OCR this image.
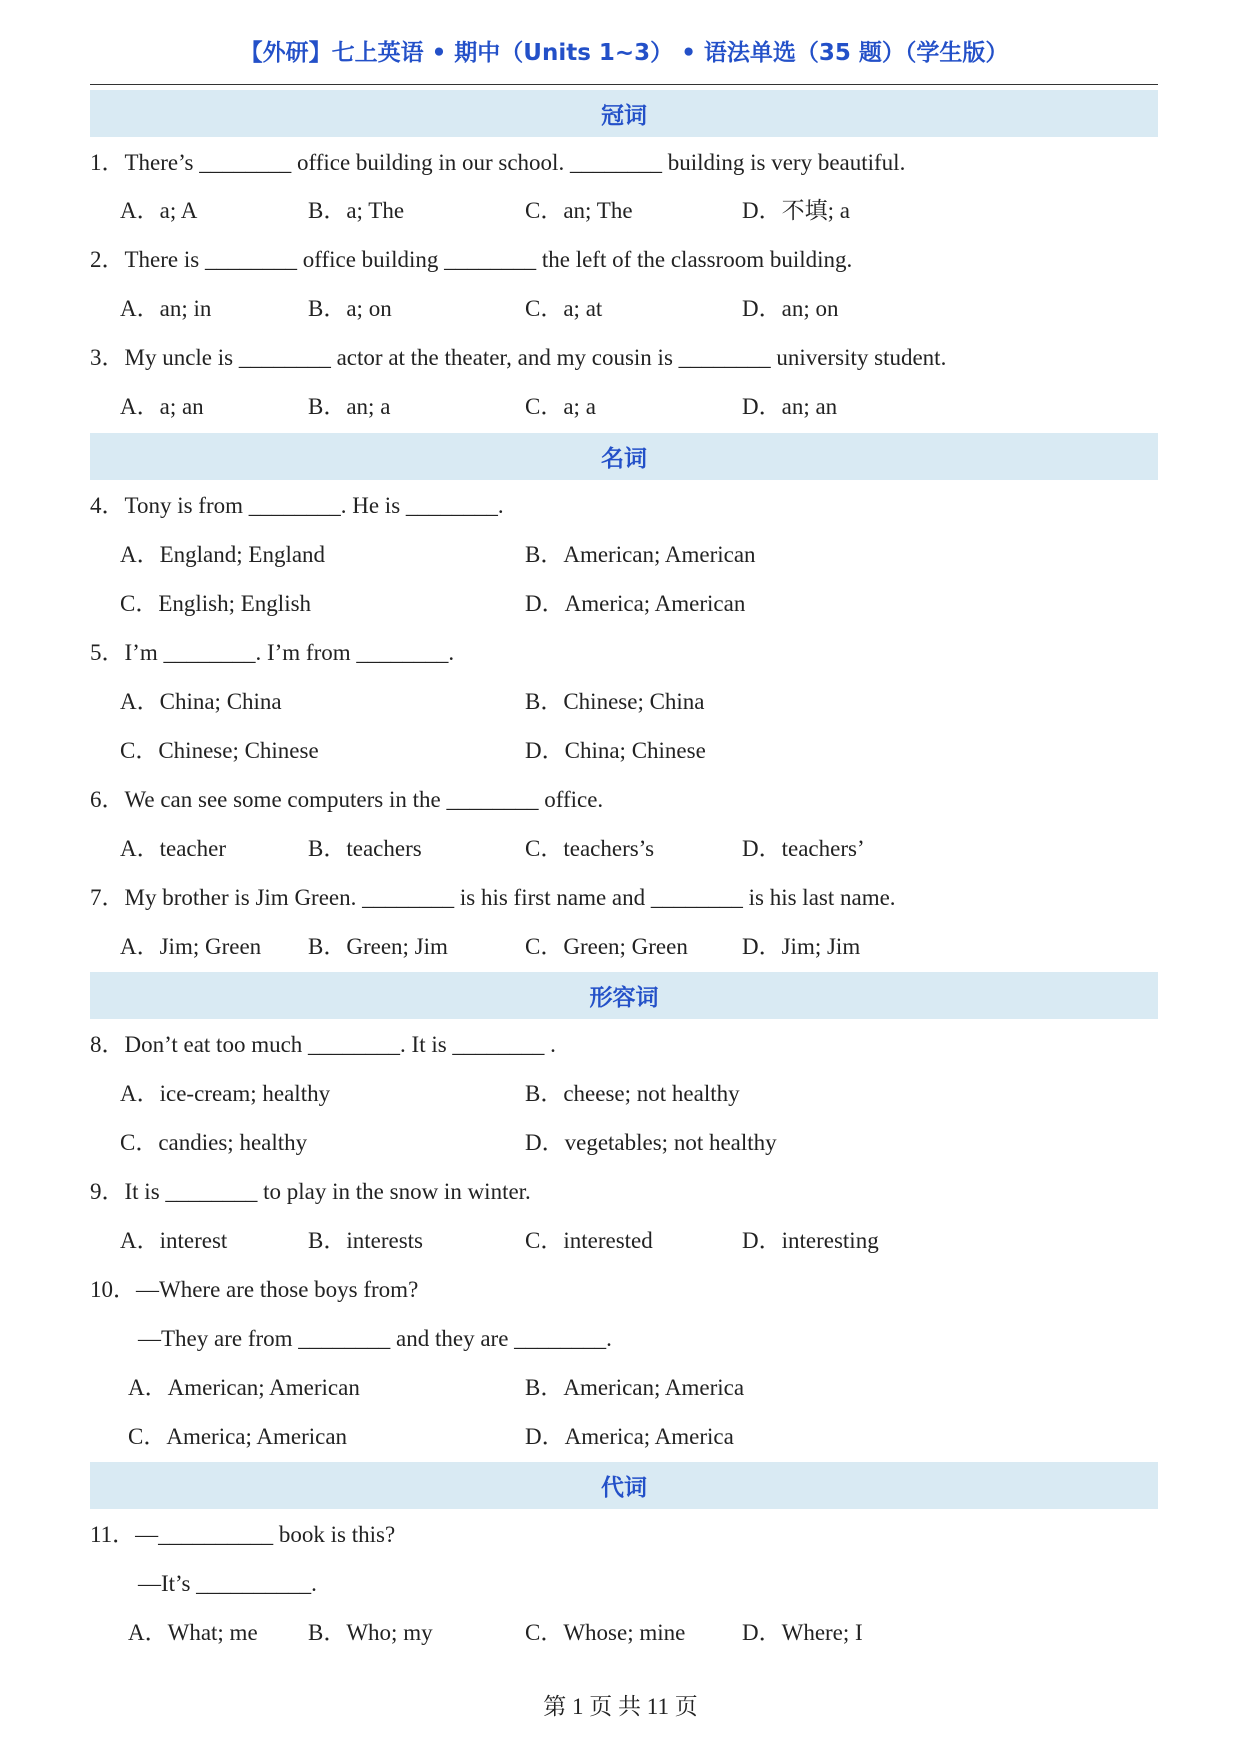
【外研】七上英语 • 期中（Units 1~3） • 语法单选（35 题）（学生版）
冠词
1．There’s ________ office building in our school. ________ building is very beautiful.
A．a; A	B．a; The	C．an; The	D．不填; a
2．There is ________ office building ________ the left of the classroom building.
A．an; in	B．a; on	C．a; at	D．an; on
3．My uncle is ________ actor at the theater, and my cousin is ________ university student.
A．a; an	B．an; a	C．a; a	D．an; an
名词
4．Tony is from ________. He is ________.
A．England; England	B．American; American
C．English; English	D．America; American
5．I’m ________. I’m from ________.
A．China; China	B．Chinese; China
C．Chinese; Chinese	D．China; Chinese
6．We can see some computers in the ________ office.
A．teacher	B．teachers	C．teachers’s	D．teachers’
7．My brother is Jim Green. ________ is his first name and ________ is his last name.
A．Jim; Green B．Green; Jim	C．Green; Green D．Jim; Jim
形容词
8．Don’t eat too much ________. It is ________ .
A．ice-cream; healthy	B．cheese; not healthy
C．candies; healthy	D．vegetables; not healthy
9．It is ________ to play in the snow in winter.
A．interest	B．interests	C．interested	D．interesting
10．—Where are those boys from?
—They are from ________ and they are ________.
A．American; American	B．American; America
C．America; American	D．America; America
代词
11．—__________ book is this?
—It’s __________.
A．What; me B．Who; my	C．Whose; mine D．Where; I
第 1 页 共 11 页
